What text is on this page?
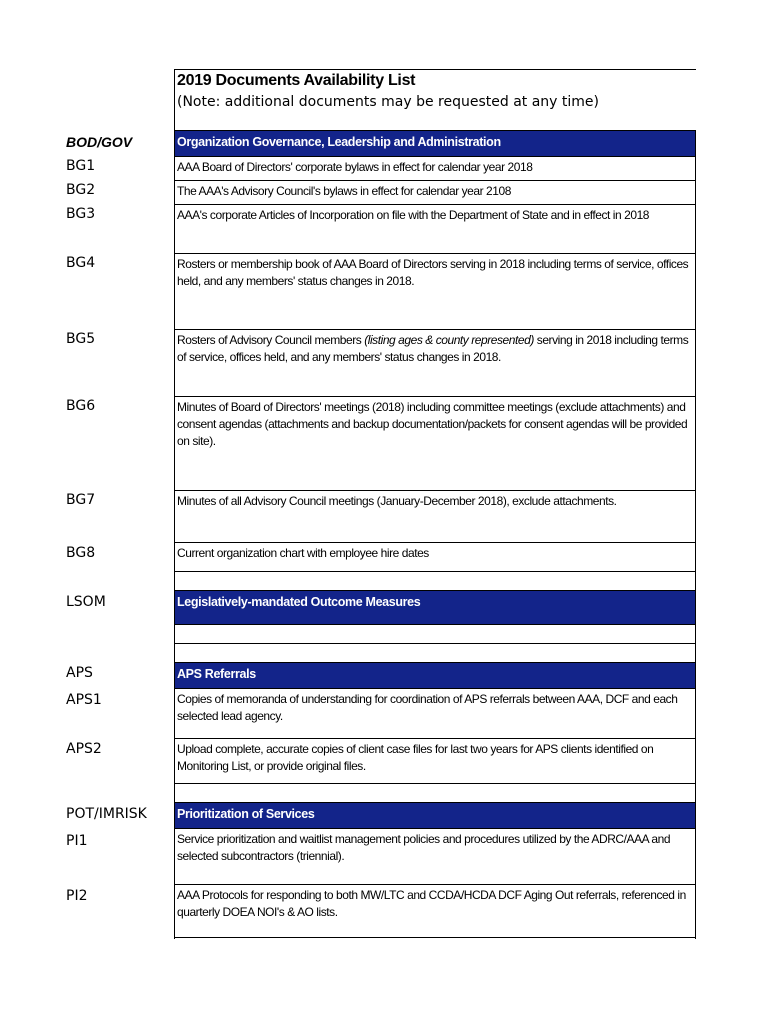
BOD/GOV
BG1
BG2
BG3
BG4
BG5
BG6
BG7
BG8
LSOM
APS
APS1
APS2
POT/IMRISK
PI1
PI2
2019 Documents Availability List
(Note: additional documents may be requested at any time)
Organization Governance, Leadership and Administration
AAA Board of Directors' corporate bylaws in effect for calendar year 2018
The AAA's Advisory Council's bylaws in effect for calendar year 2108
AAA's corporate Articles of Incorporation on file with the Department of State and in effect in 2018
Rosters or membership book of AAA Board of Directors serving in 2018 including terms of service, offices held, and any members' status changes in 2018.
Rosters of Advisory Council members (listing ages & county represented) serving in 2018 including terms of service, offices held, and any members' status changes in 2018.
Minutes of Board of Directors' meetings (2018) including committee meetings (exclude attachments) and consent agendas (attachments and backup documentation/packets for consent agendas will be provided on site).
Minutes of all Advisory Council meetings (January-December 2018), exclude attachments.
Current organization chart with employee hire dates
Legislatively-mandated Outcome Measures
APS Referrals
Copies of memoranda of understanding for coordination of APS referrals between AAA, DCF and each selected lead agency.
Upload complete, accurate copies of client case files for last two years for APS clients identified on Monitoring List, or provide original files.
Prioritization of Services
Service prioritization and waitlist management policies and procedures utilized by the ADRC/AAA and selected subcontractors (triennial).
AAA Protocols for responding to both MW/LTC and CCDA/HCDA DCF Aging Out referrals, referenced in quarterly DOEA NOI's & AO lists.
